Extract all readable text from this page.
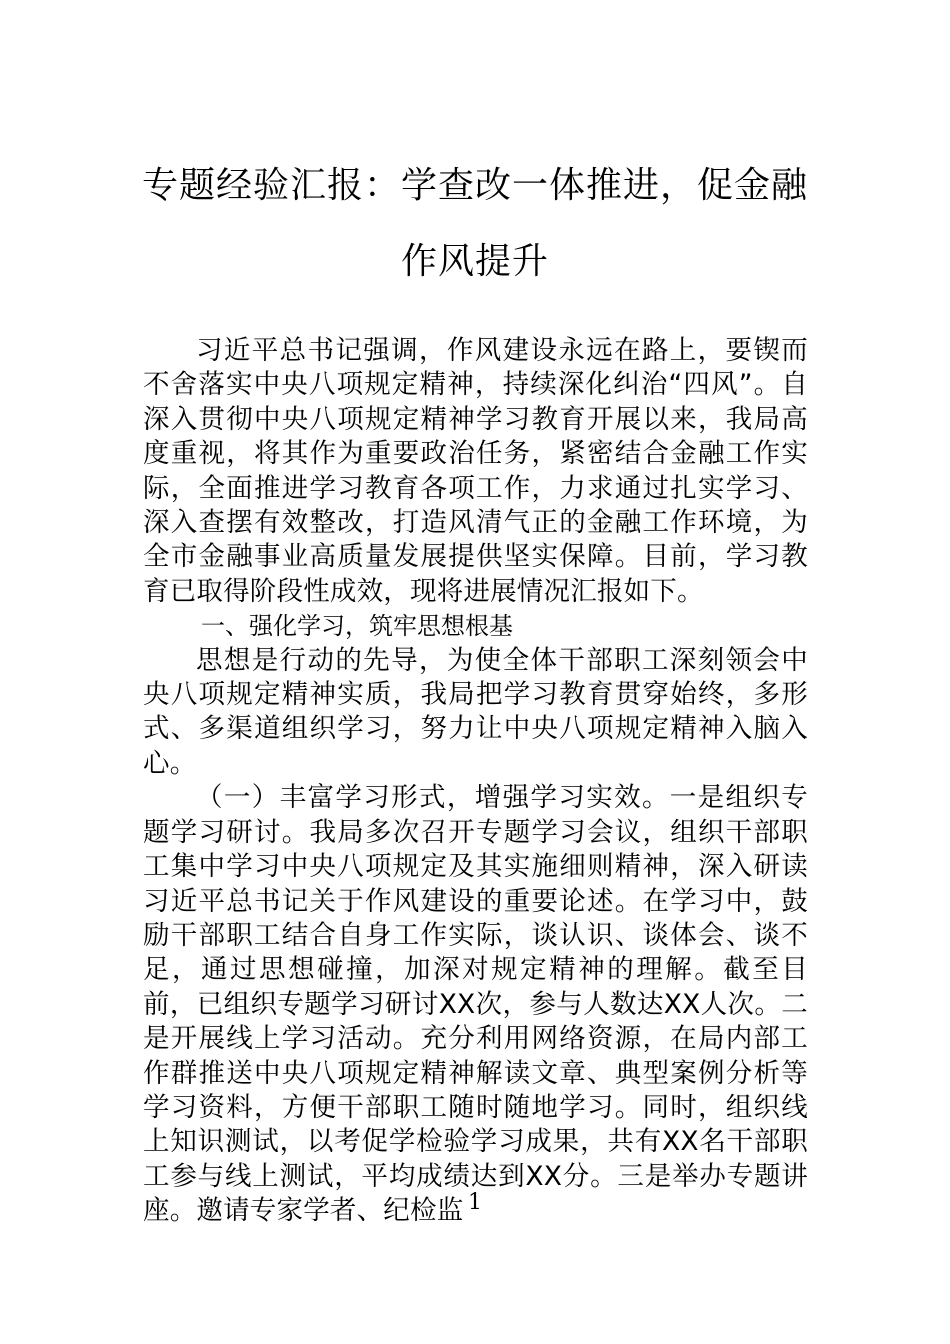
专题经验汇报：学查改一体推进，促金融作风提升

习近平总书记强调，作风建设永远在路上，要锲而不舍落实中央八项规定精神，持续深化纠治“四风”。自深入贯彻中央八项规定精神学习教育开展以来，我局高度重视，将其作为重要政治任务，紧密结合金融工作实际，全面推进学习教育各项工作，力求通过扎实学习、深入查摆有效整改，打造风清气正的金融工作环境，为全市金融事业高质量发展提供坚实保障。目前，学习教育已取得阶段性成效，现将进展情况汇报如下。

一、强化学习，筑牢思想根基

思想是行动的先导，为使全体干部职工深刻领会中央八项规定精神实质，我局把学习教育贯穿始终，多形式、多渠道组织学习，努力让中央八项规定精神入脑入心。

（一）丰富学习形式，增强学习实效。一是组织专题学习研讨。我局多次召开专题学习会议，组织干部职工集中学习中央八项规定及其实施细则精神，深入研读习近平总书记关于作风建设的重要论述。在学习中，鼓励干部职工结合自身工作实际，谈认识、谈体会、谈不足，通过思想碰撞，加深对规定精神的理解。截至目前，已组织专题学习研讨XX次，参与人数达XX人次。二是开展线上学习活动。充分利用网络资源，在局内部工作群推送中央八项规定精神解读文章、典型案例分析等学习资料，方便干部职工随时随地学习。同时，组织线上知识测试，以考促学检验学习成果，共有XX名干部职工参与线上测试，平均成绩达到XX分。三是举办专题讲座。邀请专家学者、纪检监 1
